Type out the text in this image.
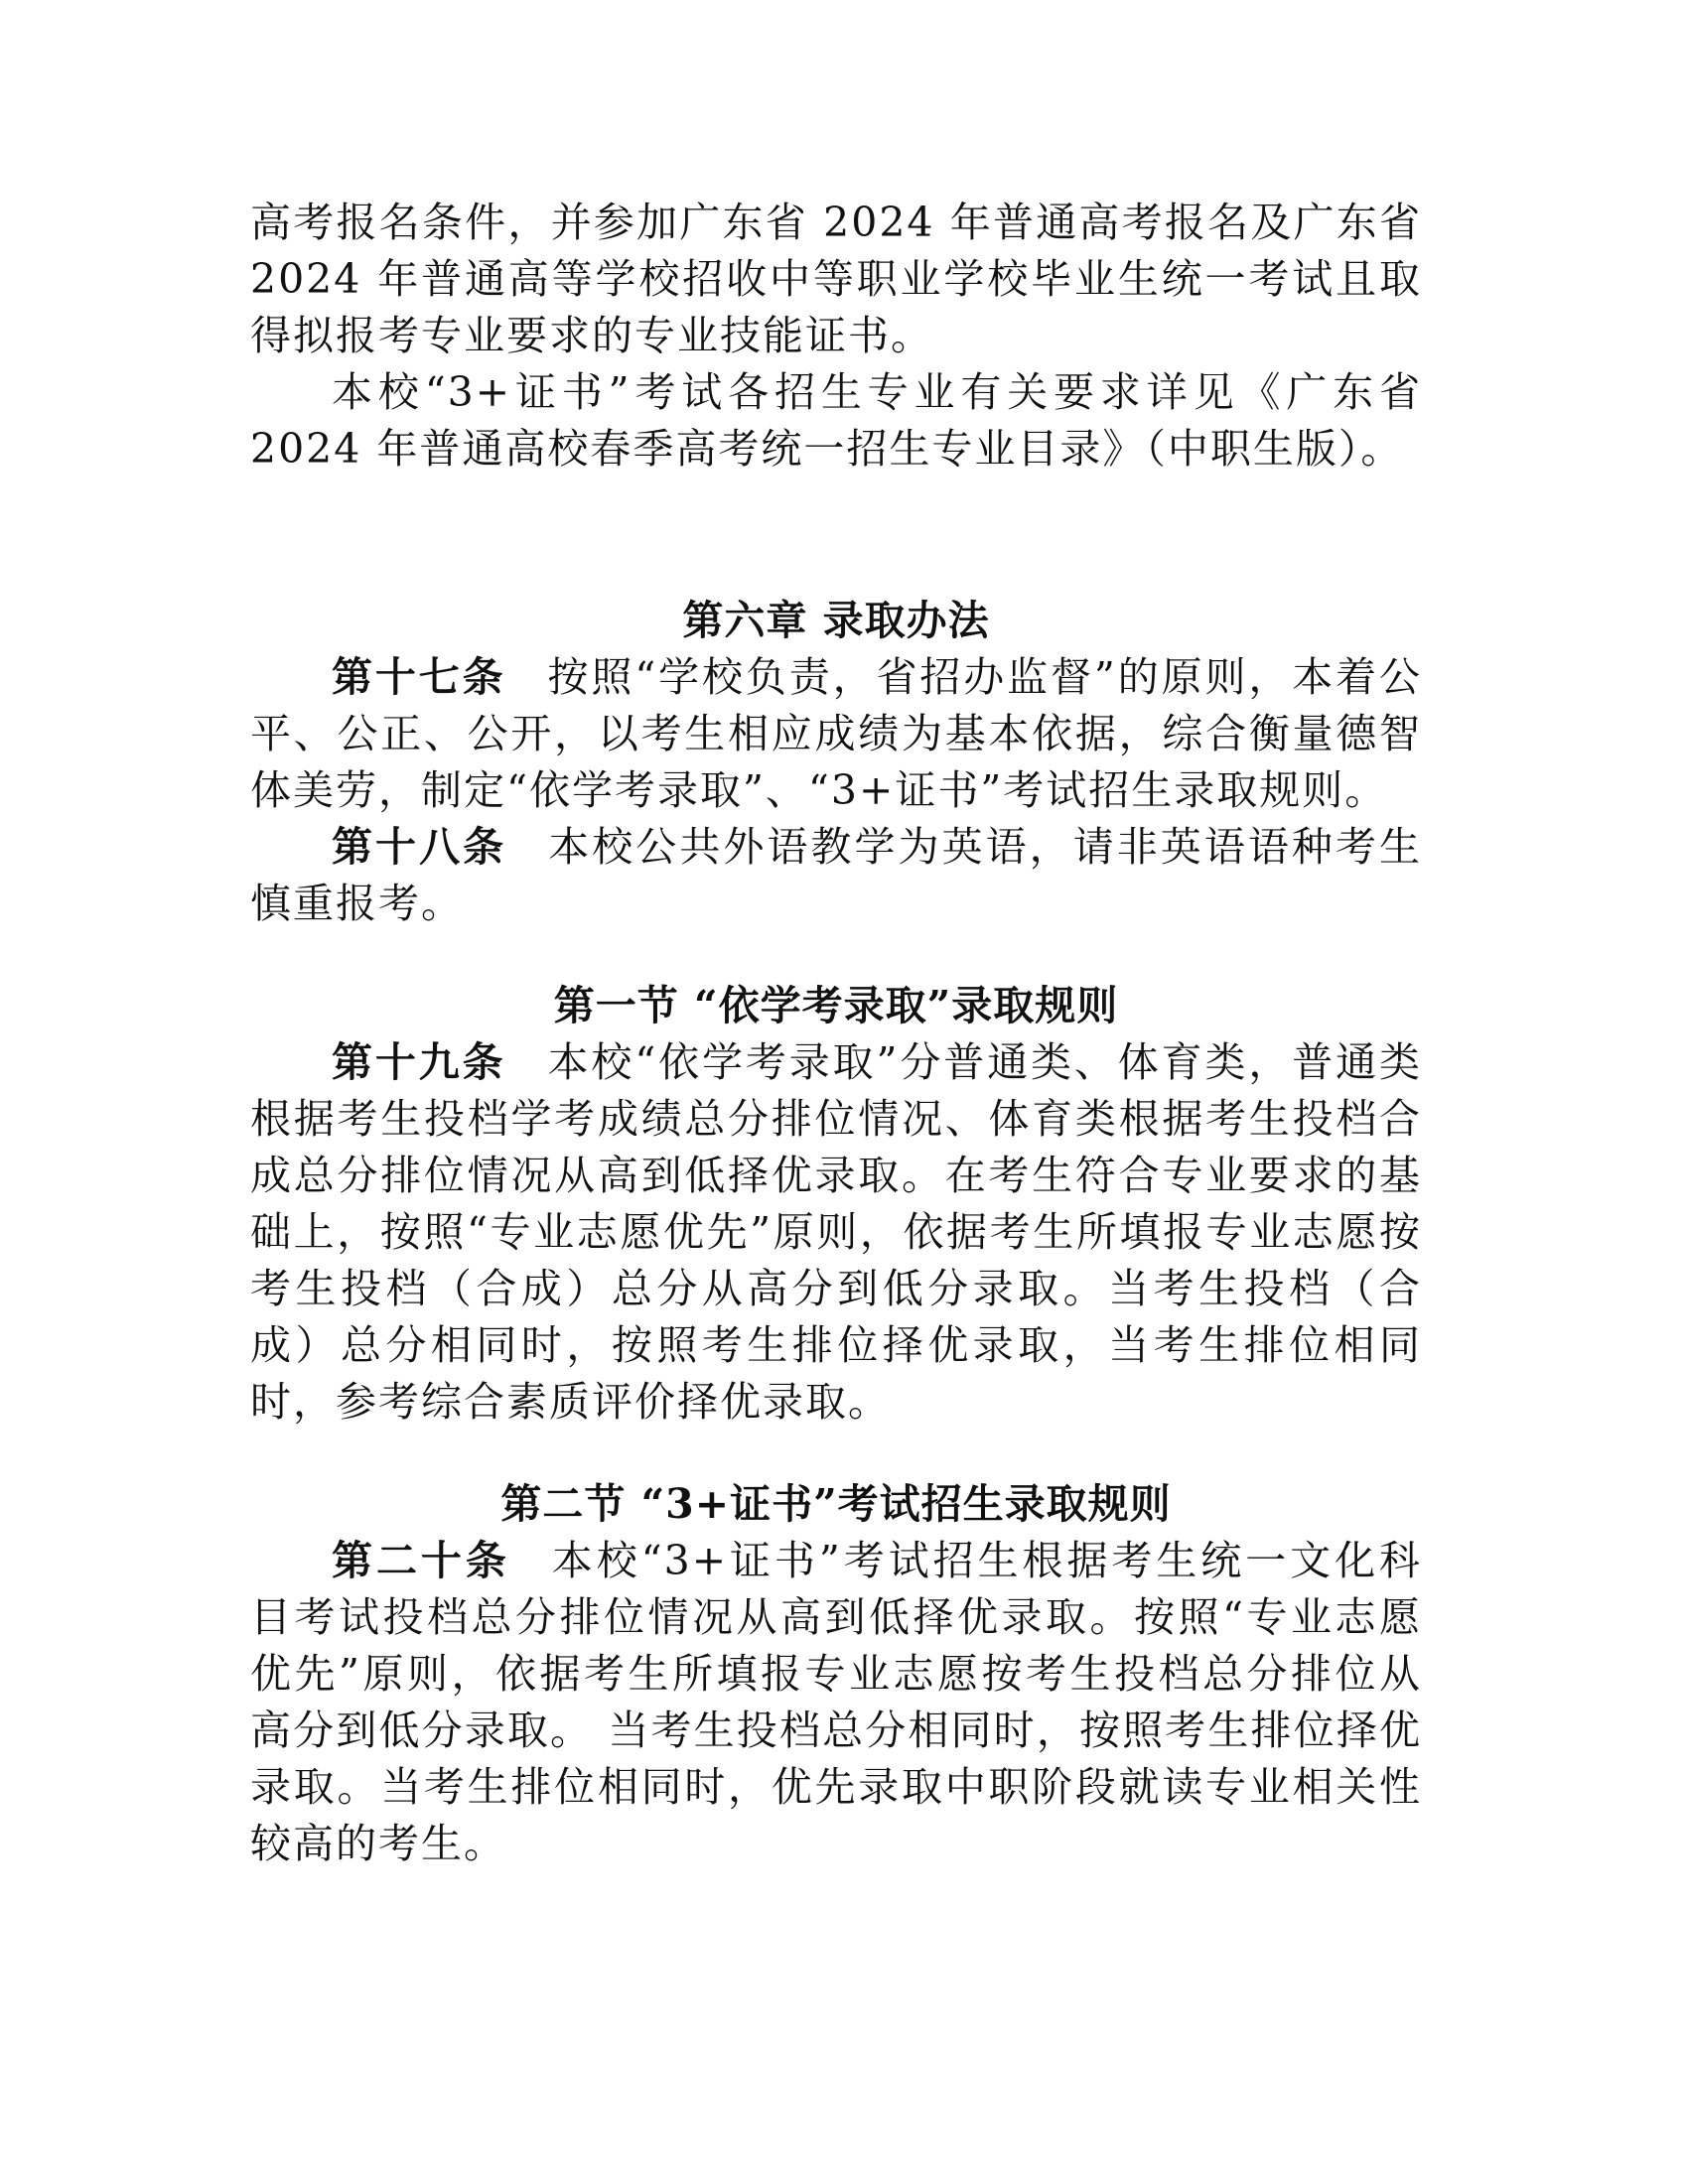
高考报名条件，并参加广东省 2024 年普通高考报名及广东省 2024 年普通高等学校招收中等职业学校毕业生统一考试且取得拟报考专业要求的专业技能证书。

本校“3+证书”考试各招生专业有关要求详见《广东省 2024 年普通高校春季高考统一招生专业目录》（中职生版）。

第六章 录取办法

第十七条 按照“学校负责，省招办监督”的原则，本着公平、公正、公开，以考生相应成绩为基本依据，综合衡量德智体美劳，制定“依学考录取”、“3+证书”考试招生录取规则。

第十八条 本校公共外语教学为英语，请非英语语种考生慎重报考。

第一节 “依学考录取”录取规则

第十九条 本校“依学考录取”分普通类、体育类，普通类根据考生投档学考成绩总分排位情况、体育类根据考生投档合成总分排位情况从高到低择优录取。在考生符合专业要求的基础上，按照“专业志愿优先”原则，依据考生所填报专业志愿按考生投档（合成）总分从高分到低分录取。当考生投档（合成）总分相同时，按照考生排位择优录取，当考生排位相同时，参考综合素质评价择优录取。

第二节 “3+证书”考试招生录取规则

第二十条 本校“3+证书”考试招生根据考生统一文化科目考试投档总分排位情况从高到低择优录取。按照“专业志愿优先”原则，依据考生所填报专业志愿按考生投档总分排位从高分到低分录取。 当考生投档总分相同时，按照考生排位择优录取。当考生排位相同时，优先录取中职阶段就读专业相关性较高的考生。
